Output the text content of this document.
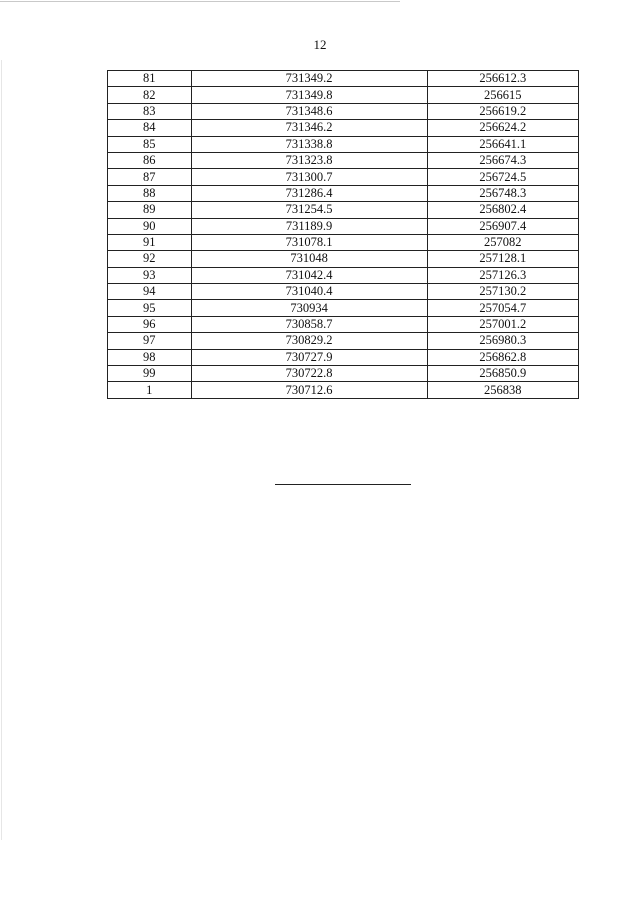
12
81	731349.2	256612.3
82	731349.8	256615
83	731348.6	256619.2
84	731346.2	256624.2
85	731338.8	256641.1
86	731323.8	256674.3
87	731300.7	256724.5
88	731286.4	256748.3
89	731254.5	256802.4
90	731189.9	256907.4
91	731078.1	257082
92	731048	257128.1
93	731042.4	257126.3
94	731040.4	257130.2
95	730934	257054.7
96	730858.7	257001.2
97	730829.2	256980.3
98	730727.9	256862.8
99	730722.8	256850.9
1	730712.6	256838
